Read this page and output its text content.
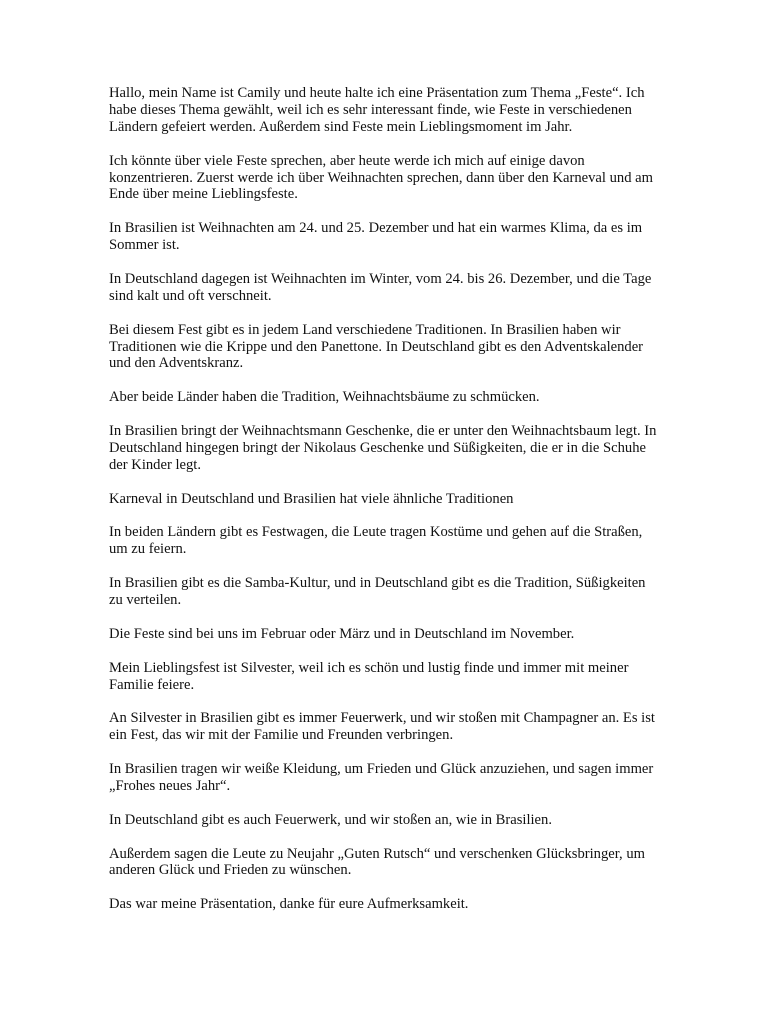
Hallo, mein Name ist Camily und heute halte ich eine Präsentation zum Thema „Feste“. Ich habe dieses Thema gewählt, weil ich es sehr interessant finde, wie Feste in verschiedenen Ländern gefeiert werden. Außerdem sind Feste mein Lieblingsmoment im Jahr.

Ich könnte über viele Feste sprechen, aber heute werde ich mich auf einige davon konzentrieren. Zuerst werde ich über Weihnachten sprechen, dann über den Karneval und am Ende über meine Lieblingsfeste.

In Brasilien ist Weihnachten am 24. und 25. Dezember und hat ein warmes Klima, da es im Sommer ist.

In Deutschland dagegen ist Weihnachten im Winter, vom 24. bis 26. Dezember, und die Tage sind kalt und oft verschneit.

Bei diesem Fest gibt es in jedem Land verschiedene Traditionen. In Brasilien haben wir Traditionen wie die Krippe und den Panettone. In Deutschland gibt es den Adventskalender und den Adventskranz.

Aber beide Länder haben die Tradition, Weihnachtsbäume zu schmücken.

In Brasilien bringt der Weihnachtsmann Geschenke, die er unter den Weihnachtsbaum legt. In Deutschland hingegen bringt der Nikolaus Geschenke und Süßigkeiten, die er in die Schuhe der Kinder legt.

Karneval in Deutschland und Brasilien hat viele ähnliche Traditionen

In beiden Ländern gibt es Festwagen, die Leute tragen Kostüme und gehen auf die Straßen, um zu feiern.

In Brasilien gibt es die Samba-Kultur, und in Deutschland gibt es die Tradition, Süßigkeiten zu verteilen.

Die Feste sind bei uns im Februar oder März und in Deutschland im November.

Mein Lieblingsfest ist Silvester, weil ich es schön und lustig finde und immer mit meiner Familie feiere.

An Silvester in Brasilien gibt es immer Feuerwerk, und wir stoßen mit Champagner an. Es ist ein Fest, das wir mit der Familie und Freunden verbringen.

In Brasilien tragen wir weiße Kleidung, um Frieden und Glück anzuziehen, und sagen immer „Frohes neues Jahr“.

In Deutschland gibt es auch Feuerwerk, und wir stoßen an, wie in Brasilien.

Außerdem sagen die Leute zu Neujahr „Guten Rutsch“ und verschenken Glücksbringer, um anderen Glück und Frieden zu wünschen.

Das war meine Präsentation, danke für eure Aufmerksamkeit.
